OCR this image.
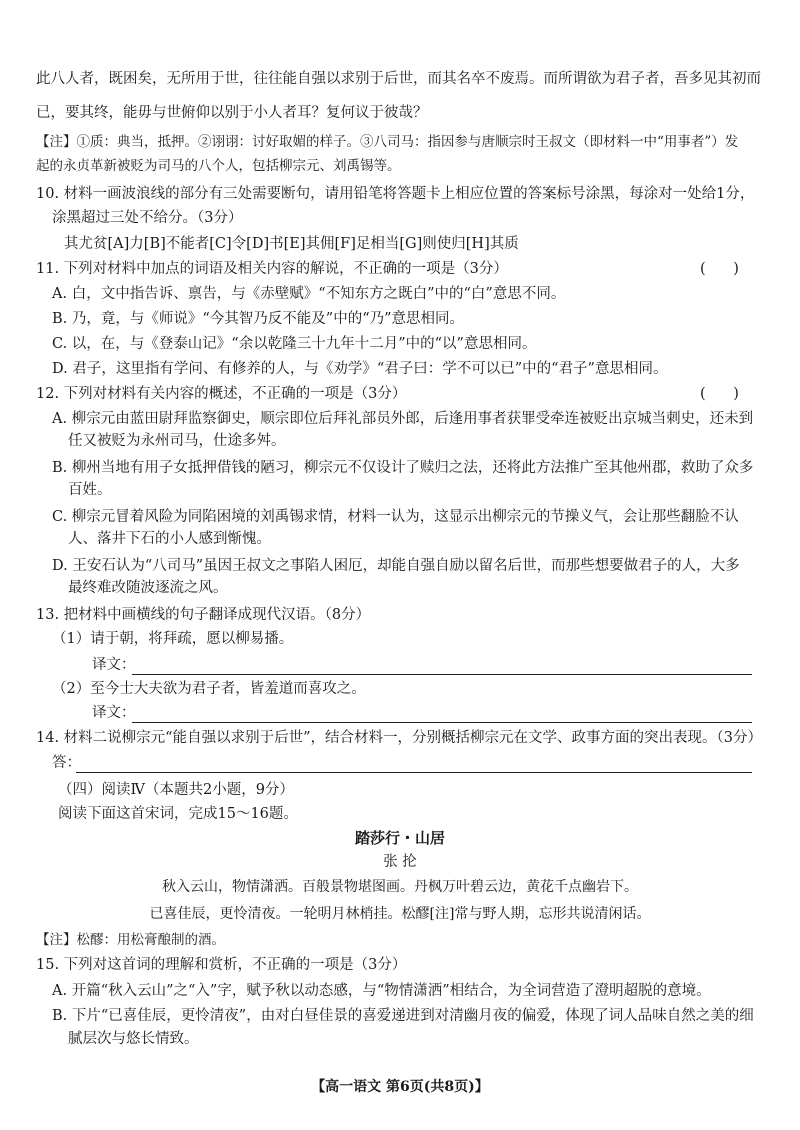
此八人者，既困矣，无所用于世，往往能自强以求别于后世，而其名卒不废焉。而所谓欲为君子者，吾多见其初而
已，要其终，能毋与世俯仰以别于小人者耳？复何议于彼哉？
【注】①质：典当，抵押。②诩诩：讨好取媚的样子。③八司马：指因参与唐顺宗时王叔文（即材料一中“用事者”）发
起的永贞革新被贬为司马的八个人，包括柳宗元、刘禹锡等。
10. 材料一画波浪线的部分有三处需要断句，请用铅笔将答题卡上相应位置的答案标号涂黑，每涂对一处给1分，
涂黑超过三处不给分。（3分）
其尤贫[A]力[B]不能者[C]令[D]书[E]其佣[F]足相当[G]则使归[H]其质
11. 下列对材料中加点的词语及相关内容的解说，不正确的一项是（3分）	(      )
A. 白，文中指告诉、禀告，与《赤壁赋》“不知东方之既白”中的“白”意思不同。
B. 乃，竟，与《师说》“今其智乃反不能及”中的“乃”意思相同。
C. 以，在，与《登泰山记》“余以乾隆三十九年十二月”中的“以”意思相同。
D. 君子，这里指有学问、有修养的人，与《劝学》“君子曰：学不可以已”中的“君子”意思相同。
12. 下列对材料有关内容的概述，不正确的一项是（3分）	(      )
A. 柳宗元由蓝田尉拜监察御史，顺宗即位后拜礼部员外郎，后逢用事者获罪受牵连被贬出京城当刺史，还未到
任又被贬为永州司马，仕途多舛。
B. 柳州当地有用子女抵押借钱的陋习，柳宗元不仅设计了赎归之法，还将此方法推广至其他州郡，救助了众多
百姓。
C. 柳宗元冒着风险为同陷困境的刘禹锡求情，材料一认为，这显示出柳宗元的节操义气，会让那些翻脸不认
人、落井下石的小人感到惭愧。
D. 王安石认为“八司马”虽因王叔文之事陷人困厄，却能自强自励以留名后世，而那些想要做君子的人，大多
最终难改随波逐流之风。
13. 把材料中画横线的句子翻译成现代汉语。（8分）
（1）请于朝，将拜疏，愿以柳易播。
译文：
（2）至今士大夫欲为君子者，皆羞道而喜攻之。
译文：
14. 材料二说柳宗元“能自强以求别于后世”，结合材料一，分别概括柳宗元在文学、政事方面的突出表现。（3分）
答：
（四）阅读Ⅳ（本题共2小题，9分）
阅读下面这首宋词，完成15～16题。
踏莎行・山居
张 抡
秋入云山，物情潇洒。百般景物堪图画。丹枫万叶碧云边，黄花千点幽岩下。
已喜佳辰，更怜清夜。一轮明月林梢挂。松醪[注]常与野人期，忘形共说清闲话。
【注】松醪：用松膏酿制的酒。
15. 下列对这首词的理解和赏析，不正确的一项是（3分）
A. 开篇“秋入云山”之“入”字，赋予秋以动态感，与“物情潇洒”相结合，为全词营造了澄明超脱的意境。
B. 下片“已喜佳辰，更怜清夜”，由对白昼佳景的喜爱递进到对清幽月夜的偏爱，体现了词人品味自然之美的细
腻层次与悠长情致。
【高一语文 第6页(共8页)】
